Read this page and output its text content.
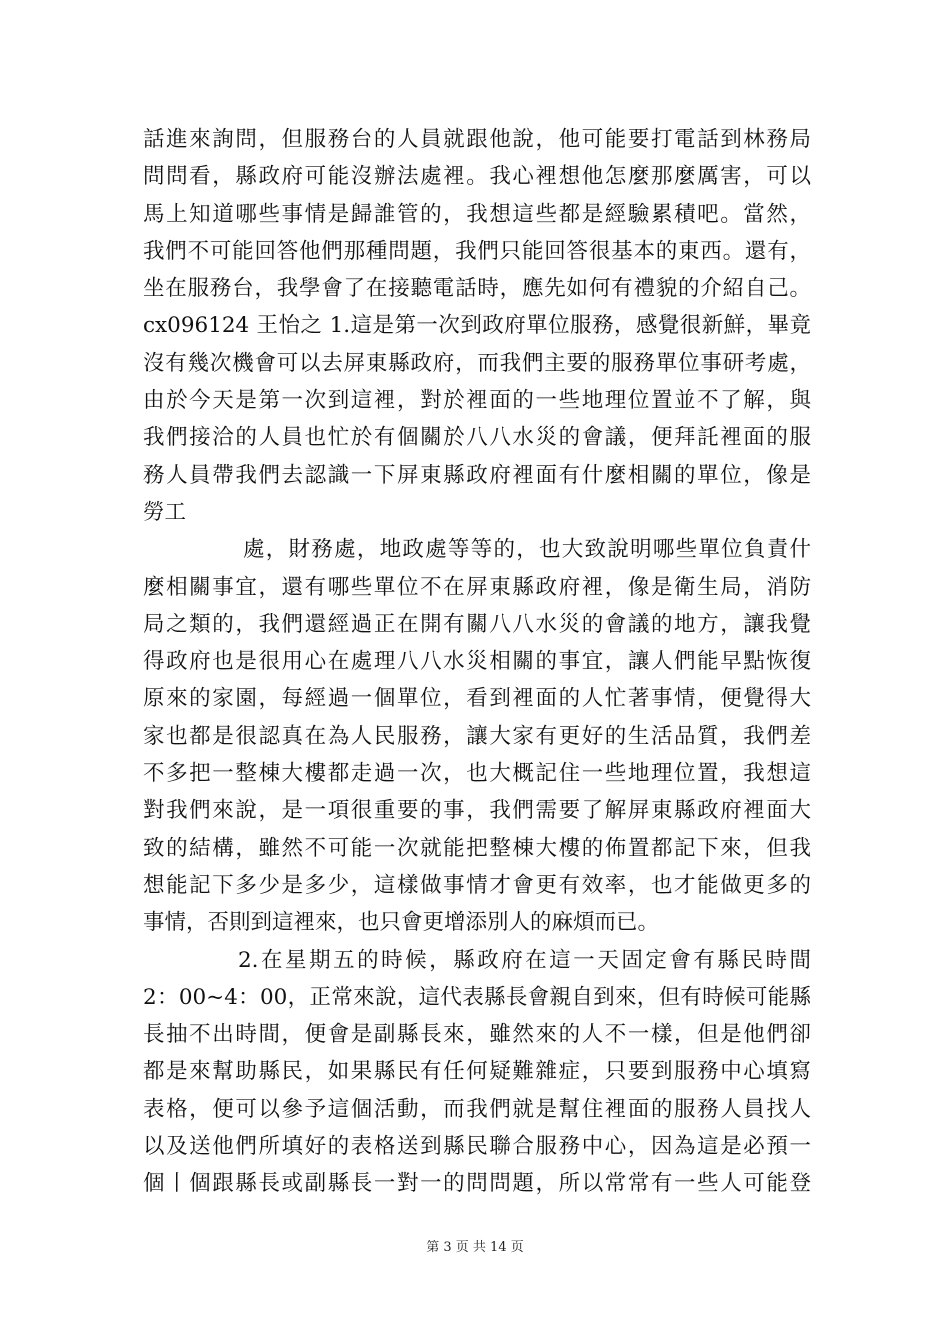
話進來詢問，但服務台的人員就跟他說，他可能要打電話到林務局
問問看，縣政府可能沒辦法處裡。我心裡想他怎麼那麼厲害，可以
馬上知道哪些事情是歸誰管的，我想這些都是經驗累積吧。當然，
我們不可能回答他們那種問題，我們只能回答很基本的東西。還有，
坐在服務台，我學會了在接聽電話時，應先如何有禮貌的介紹自己。
cx096124 王怡之 1.這是第一次到政府單位服務，感覺很新鮮，畢竟
沒有幾次機會可以去屏東縣政府，而我們主要的服務單位事研考處，
由於今天是第一次到這裡，對於裡面的一些地理位置並不了解，與
我們接洽的人員也忙於有個關於八八水災的會議，便拜託裡面的服
務人員帶我們去認識一下屏東縣政府裡面有什麼相關的單位，像是
勞工
處，財務處，地政處等等的，也大致說明哪些單位負責什
麼相關事宜，還有哪些單位不在屏東縣政府裡，像是衛生局，消防
局之類的，我們還經過正在開有關八八水災的會議的地方，讓我覺
得政府也是很用心在處理八八水災相關的事宜，讓人們能早點恢復
原來的家園，每經過一個單位，看到裡面的人忙著事情，便覺得大
家也都是很認真在為人民服務，讓大家有更好的生活品質，我們差
不多把一整棟大樓都走過一次，也大概記住一些地理位置，我想這
對我們來說，是一項很重要的事，我們需要了解屏東縣政府裡面大
致的結構，雖然不可能一次就能把整棟大樓的佈置都記下來，但我
想能記下多少是多少，這樣做事情才會更有效率，也才能做更多的
事情，否則到這裡來，也只會更增添別人的麻煩而已。
2.在星期五的時候，縣政府在這一天固定會有縣民時間
2：00~4：00，正常來說，這代表縣長會親自到來，但有時候可能縣
長抽不出時間，便會是副縣長來，雖然來的人不一樣，但是他們卻
都是來幫助縣民，如果縣民有任何疑難雜症，只要到服務中心填寫
表格，便可以參予這個活動，而我們就是幫住裡面的服務人員找人
以及送他們所填好的表格送到縣民聯合服務中心，因為這是必預一
個丨個跟縣長或副縣長一對一的問問題，所以常常有一些人可能登
第 3 页 共 14 页
